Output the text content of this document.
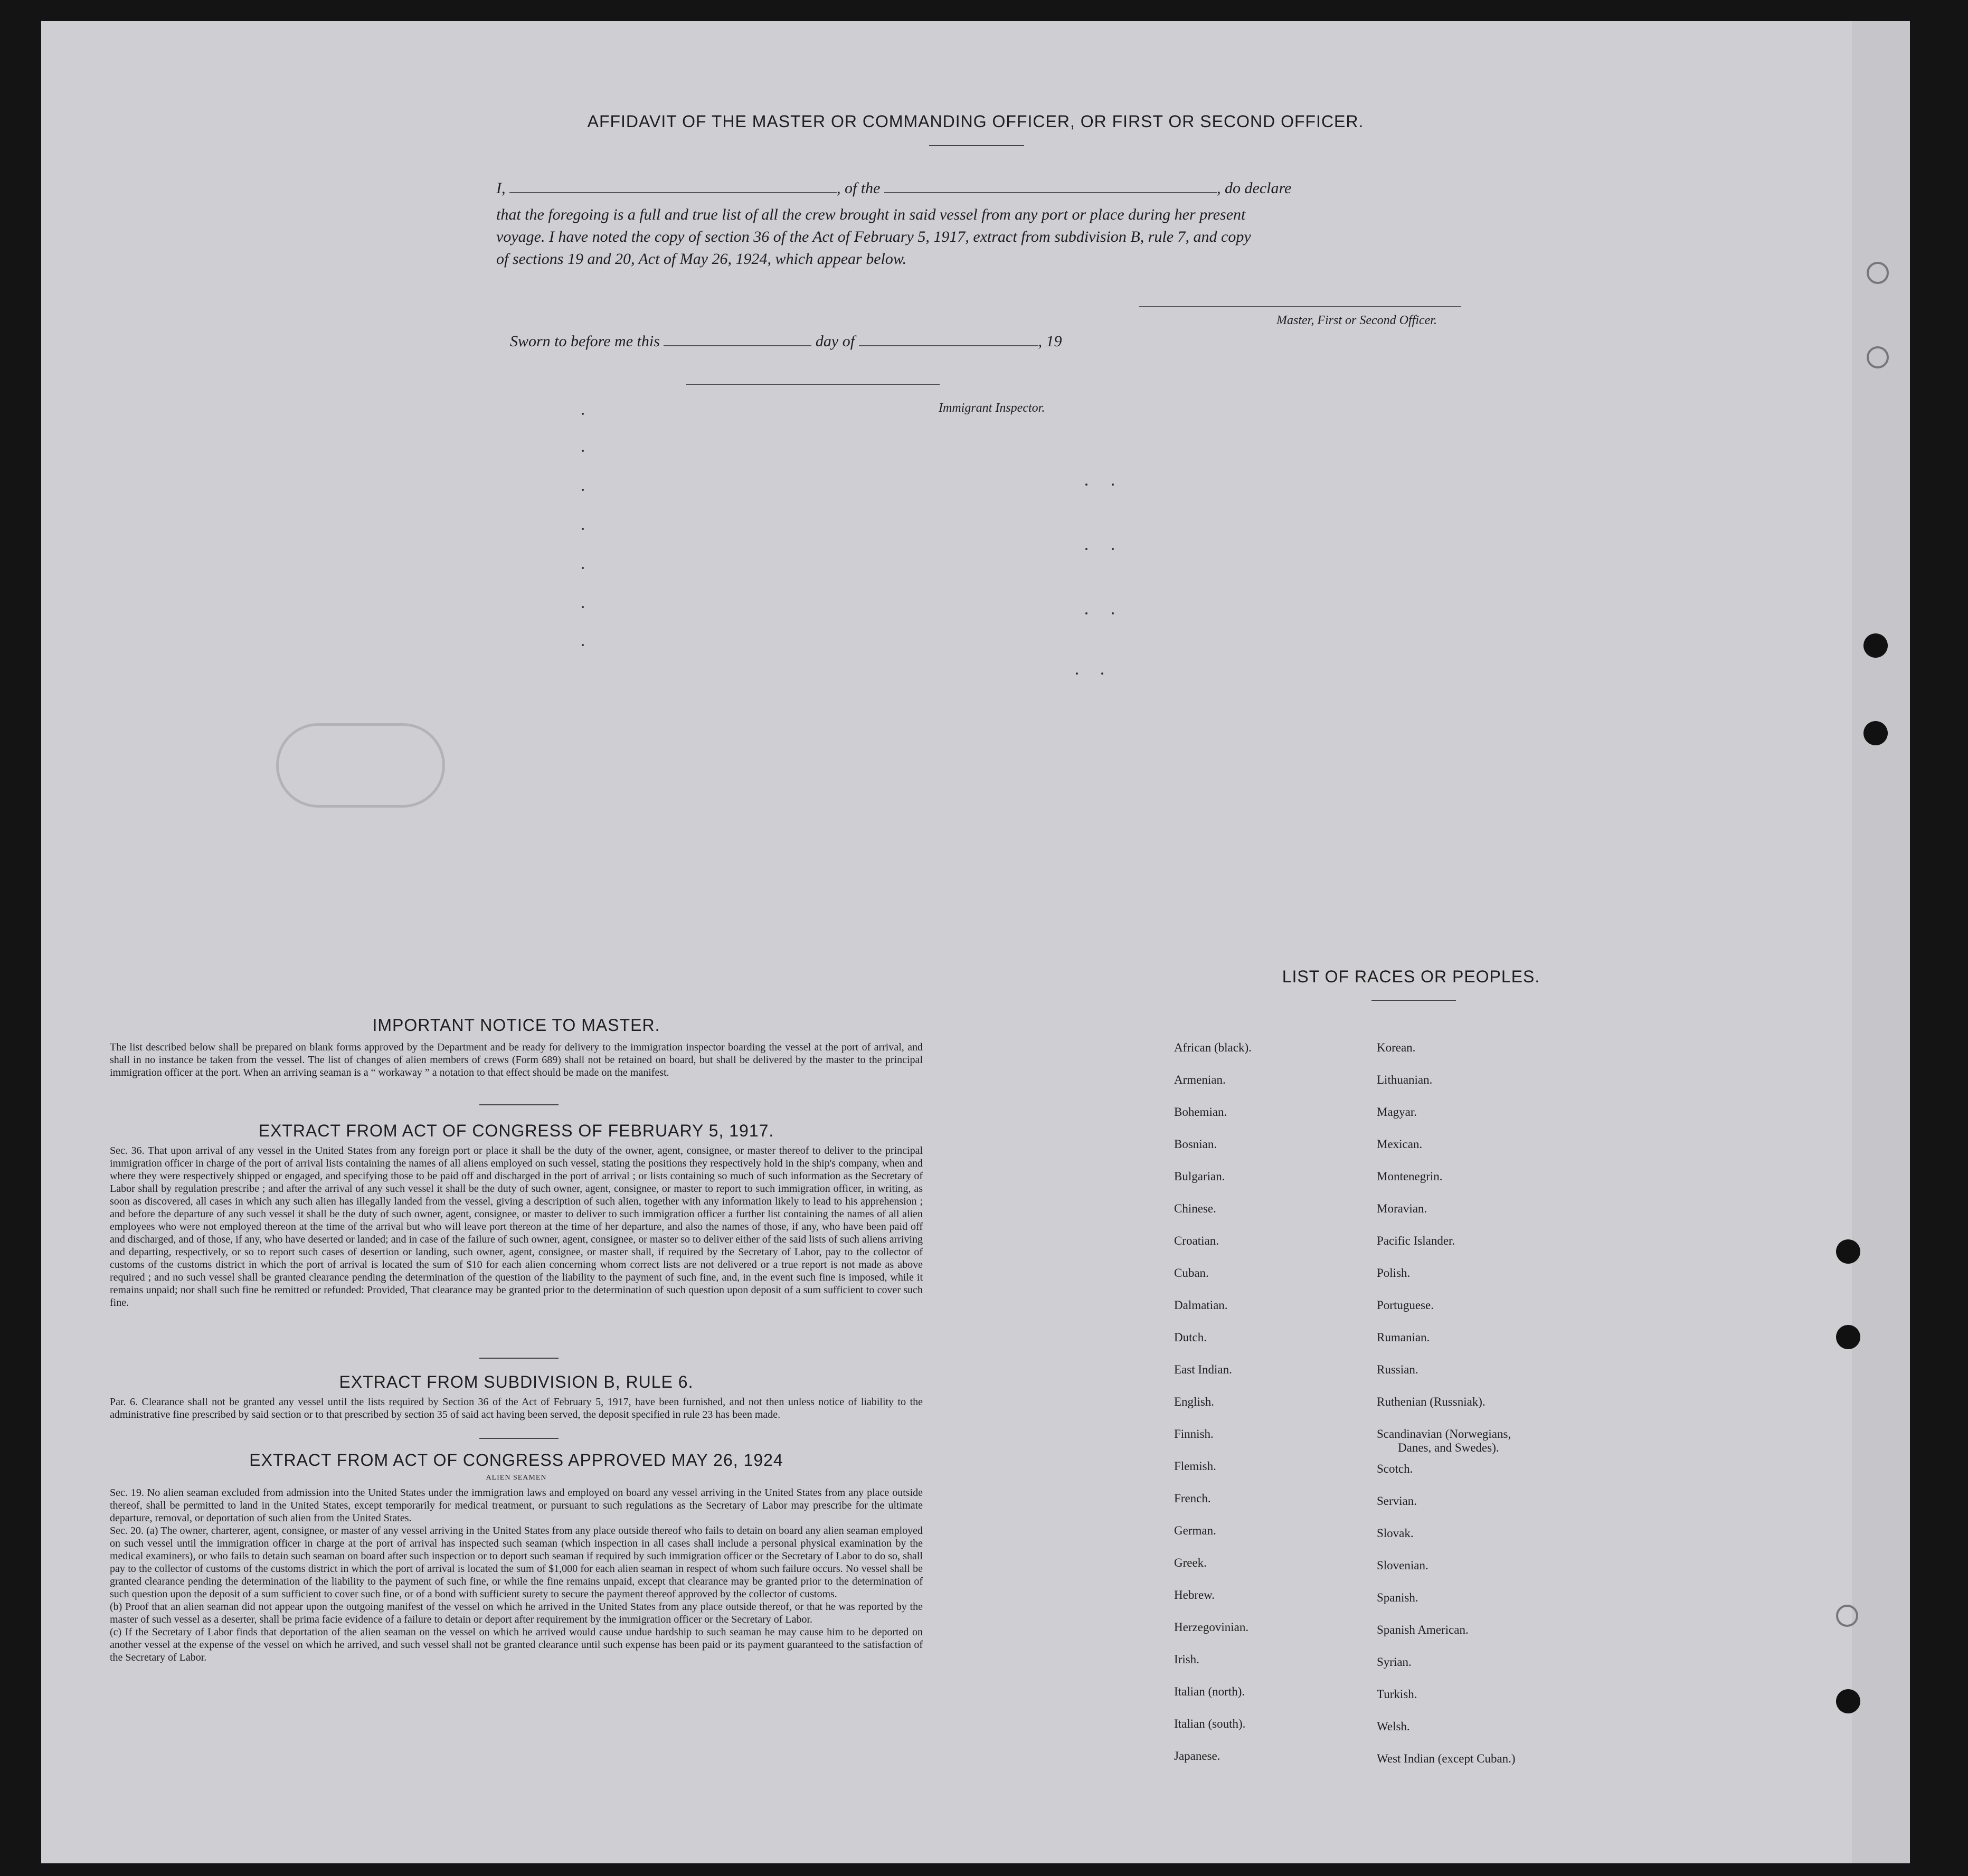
AFFIDAVIT OF THE MASTER OR COMMANDING OFFICER, OR FIRST OR SECOND OFFICER.
I,	, of the	, do declare
that the foregoing is a full and true list of all the crew brought in said vessel from any port or place during her present
voyage. I have noted the copy of section 36 of the Act of February 5, 1917, extract from subdivision B, rule 7, and copy
of sections 19 and 20, Act of May 26, 1924, which appear below.
Master, First or Second Officer.
Sworn to before me this	day of	, 19
Immigrant Inspector.
IMPORTANT NOTICE TO MASTER.
The list described below shall be prepared on blank forms approved by the Department and be ready for delivery to the immigration inspector boarding the vessel at the port of arrival, and shall in no instance be taken from the vessel. The list of changes of alien members of crews (Form 689) shall not be retained on board, but shall be delivered by the master to the principal immigration officer at the port. When an arriving seaman is a “ workaway ” a notation to that effect should be made on the manifest.
EXTRACT FROM ACT OF CONGRESS OF FEBRUARY 5, 1917.
Sec. 36. That upon arrival of any vessel in the United States from any foreign port or place it shall be the duty of the owner, agent, consignee, or master thereof to deliver to the principal immigration officer in charge of the port of arrival lists containing the names of all aliens employed on such vessel, stating the positions they respectively hold in the ship's company, when and where they were respectively shipped or engaged, and specifying those to be paid off and discharged in the port of arrival ; or lists containing so much of such information as the Secretary of Labor shall by regulation prescribe ; and after the arrival of any such vessel it shall be the duty of such owner, agent, consignee, or master to report to such immigration officer, in writing, as soon as discovered, all cases in which any such alien has illegally landed from the vessel, giving a description of such alien, together with any information likely to lead to his apprehension ; and before the departure of any such vessel it shall be the duty of such owner, agent, consignee, or master to deliver to such immigration officer a further list containing the names of all alien employees who were not employed thereon at the time of the arrival but who will leave port thereon at the time of her departure, and also the names of those, if any, who have been paid off and discharged, and of those, if any, who have deserted or landed; and in case of the failure of such owner, agent, consignee, or master so to deliver either of the said lists of such aliens arriving and departing, respectively, or so to report such cases of desertion or landing, such owner, agent, consignee, or master shall, if required by the Secretary of Labor, pay to the collector of customs of the customs district in which the port of arrival is located the sum of $10 for each alien concerning whom correct lists are not delivered or a true report is not made as above required ; and no such vessel shall be granted clearance pending the determination of the question of the liability to the payment of such fine, and, in the event such fine is imposed, while it remains unpaid; nor shall such fine be remitted or refunded: Provided, That clearance may be granted prior to the determination of such question upon deposit of a sum sufficient to cover such fine.
EXTRACT FROM SUBDIVISION B, RULE 6.
Par. 6. Clearance shall not be granted any vessel until the lists required by Section 36 of the Act of February 5, 1917, have been furnished, and not then unless notice of liability to the administrative fine prescribed by said section or to that prescribed by section 35 of said act having been served, the deposit specified in rule 23 has been made.
EXTRACT FROM ACT OF CONGRESS APPROVED MAY 26, 1924
ALIEN SEAMEN

Sec. 19. No alien seaman excluded from admission into the United States under the immigration laws and employed on board any vessel arriving in the United States from any place outside thereof, shall be permitted to land in the United States, except temporarily for medical treatment, or pursuant to such regulations as the Secretary of Labor may prescribe for the ultimate departure, removal, or deportation of such alien from the United States.

Sec. 20. (a) The owner, charterer, agent, consignee, or master of any vessel arriving in the United States from any place outside thereof who fails to detain on board any alien seaman employed on such vessel until the immigration officer in charge at the port of arrival has inspected such seaman (which inspection in all cases shall include a personal physical examination by the medical examiners), or who fails to detain such seaman on board after such inspection or to deport such seaman if required by such immigration officer or the Secretary of Labor to do so, shall pay to the collector of customs of the customs district in which the port of arrival is located the sum of $1,000 for each alien seaman in respect of whom such failure occurs. No vessel shall be granted clearance pending the determination of the liability to the payment of such fine, or while the fine remains unpaid, except that clearance may be granted prior to the determination of such question upon the deposit of a sum sufficient to cover such fine, or of a bond with sufficient surety to secure the payment thereof approved by the collector of customs.

(b) Proof that an alien seaman did not appear upon the outgoing manifest of the vessel on which he arrived in the United States from any place outside thereof, or that he was reported by the master of such vessel as a deserter, shall be prima facie evidence of a failure to detain or deport after requirement by the immigration officer or the Secretary of Labor.

(c) If the Secretary of Labor finds that deportation of the alien seaman on the vessel on which he arrived would cause undue hardship to such seaman he may cause him to be deported on another vessel at the expense of the vessel on which he arrived, and such vessel shall not be granted clearance until such expense has been paid or its payment guaranteed to the satisfaction of the Secretary of Labor.

LIST OF RACES OR PEOPLES.
African (black).
Armenian.
Bohemian.
Bosnian.
Bulgarian.
Chinese.
Croatian.
Cuban.
Dalmatian.
Dutch.
East Indian.
English.
Finnish.
Flemish.
French.
German.
Greek.
Hebrew.
Herzegovinian.
Irish.
Italian (north).
Italian (south).
Japanese.
Korean.
Lithuanian.
Magyar.
Mexican.
Montenegrin.
Moravian.
Pacific Islander.
Polish.
Portuguese.
Rumanian.
Russian.
Ruthenian (Russniak).
Scandinavian (Norwegians,
Danes, and Swedes).
Scotch.
Servian.
Slovak.
Slovenian.
Spanish.
Spanish American.
Syrian.
Turkish.
Welsh.
West Indian (except Cuban.)
